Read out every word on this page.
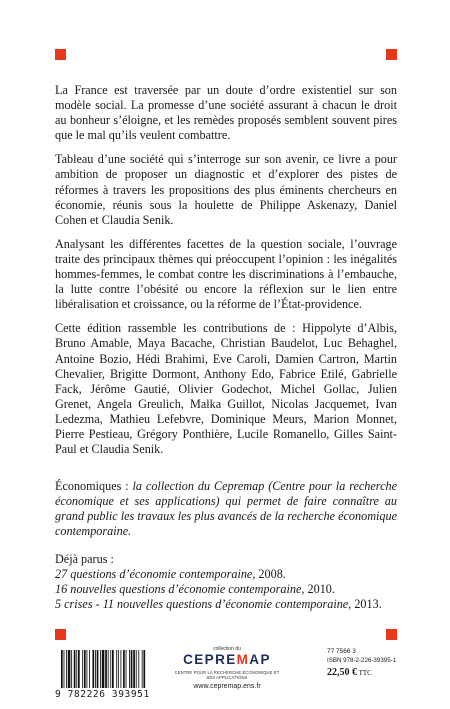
La France est traversée par un doute d’ordre existentiel sur son modèle social. La promesse d’une société assurant à chacun le droit au bonheur s’éloigne, et les remèdes proposés semblent souvent pires que le mal qu’ils veulent combattre.

Tableau d’une société qui s’interroge sur son avenir, ce livre a pour ambition de proposer un diagnostic et d’explorer des pistes de réformes à travers les propositions des plus éminents chercheurs en économie, réunis sous la houlette de Philippe Askenazy, Daniel Cohen et Claudia Senik.

Analysant les différentes facettes de la question sociale, l’ouvrage traite des principaux thèmes qui préoccupent l’opinion : les inégalités hommes-femmes, le combat contre les discriminations à l’embauche, la lutte contre l’obésité ou encore la réflexion sur le lien entre libéralisation et croissance, ou la réforme de l’État-providence.

Cette édition rassemble les contributions de : Hippolyte d’Albis, Bruno Amable, Maya Bacache, Christian Baudelot, Luc Behaghel, Antoine Bozio, Hédi Brahimi, Eve Caroli, Damien Cartron, Martin Chevalier, Brigitte Dormont, Anthony Edo, Fabrice Etilé, Gabrielle Fack, Jérôme Gautié, Olivier Godechot, Michel Gollac, Julien Grenet, Angela Greulich, Malka Guillot, Nicolas Jacquemet, Ivan Ledezma, Mathieu Lefebvre, Dominique Meurs, Marion Monnet, Pierre Pestieau, Grégory Ponthière, Lucile Romanello, Gilles Saint-Paul et Claudia Senik.

Économiques : la collection du Cepremap (Centre pour la recherche économique et ses applications) qui permet de faire connaître au grand public les travaux les plus avancés de la recherche économique contemporaine.

Déjà parus :
27 questions d’économie contemporaine, 2008.
16 nouvelles questions d’économie contemporaine, 2010.
5 crises - 11 nouvelles questions d’économie contemporaine, 2013.

9 782226 393951
collection du
CEPREMAP
CENTRE POUR LA RECHERCHE ÉCONOMIQUE ET SES APPLICATIONS
www.cepremap.ens.fr
77 7566 3
ISBN 978-2-226-39395-1
22,50 € TTC
